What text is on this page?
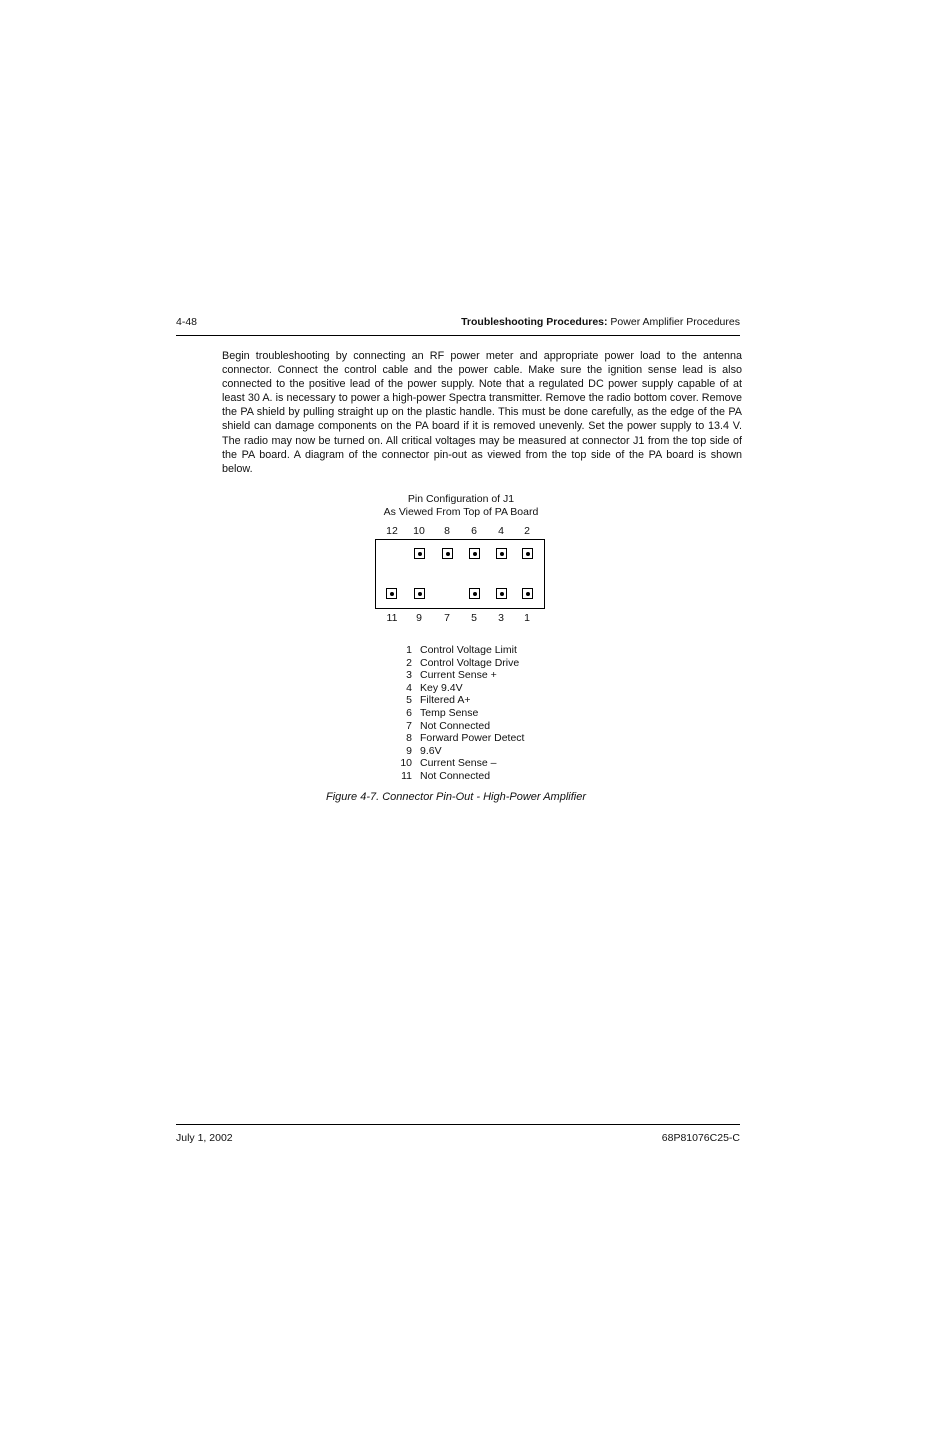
4-48	Troubleshooting Procedures: Power Amplifier Procedures

Begin troubleshooting by connecting an RF power meter and appropriate power load to the antenna connector. Connect the control cable and the power cable. Make sure the ignition sense lead is also connected to the positive lead of the power supply. Note that a regulated DC power supply capable of at least 30 A. is necessary to power a high-power Spectra transmitter. Remove the radio bottom cover. Remove the PA shield by pulling straight up on the plastic handle. This must be done carefully, as the edge of the PA shield can damage components on the PA board if it is removed unevenly. Set the power supply to 13.4 V. The radio may now be turned on. All critical voltages may be measured at connector J1 from the top side of the PA board. A diagram of the connector pin-out as viewed from the top side of the PA board is shown below.

Pin Configuration of J1
As Viewed From Top of PA Board
12	10	8	6	4	2
11	9	7	5	3	1
1 Control Voltage Limit
2 Control Voltage Drive
3 Current Sense +
4 Key 9.4V
5 Filtered A+
6 Temp Sense
7 Not Connected
8 Forward Power Detect
9 9.6V
10 Current Sense –
11 Not Connected
Figure 4-7. Connector Pin-Out - High-Power Amplifier
July 1, 2002	68P81076C25-C
